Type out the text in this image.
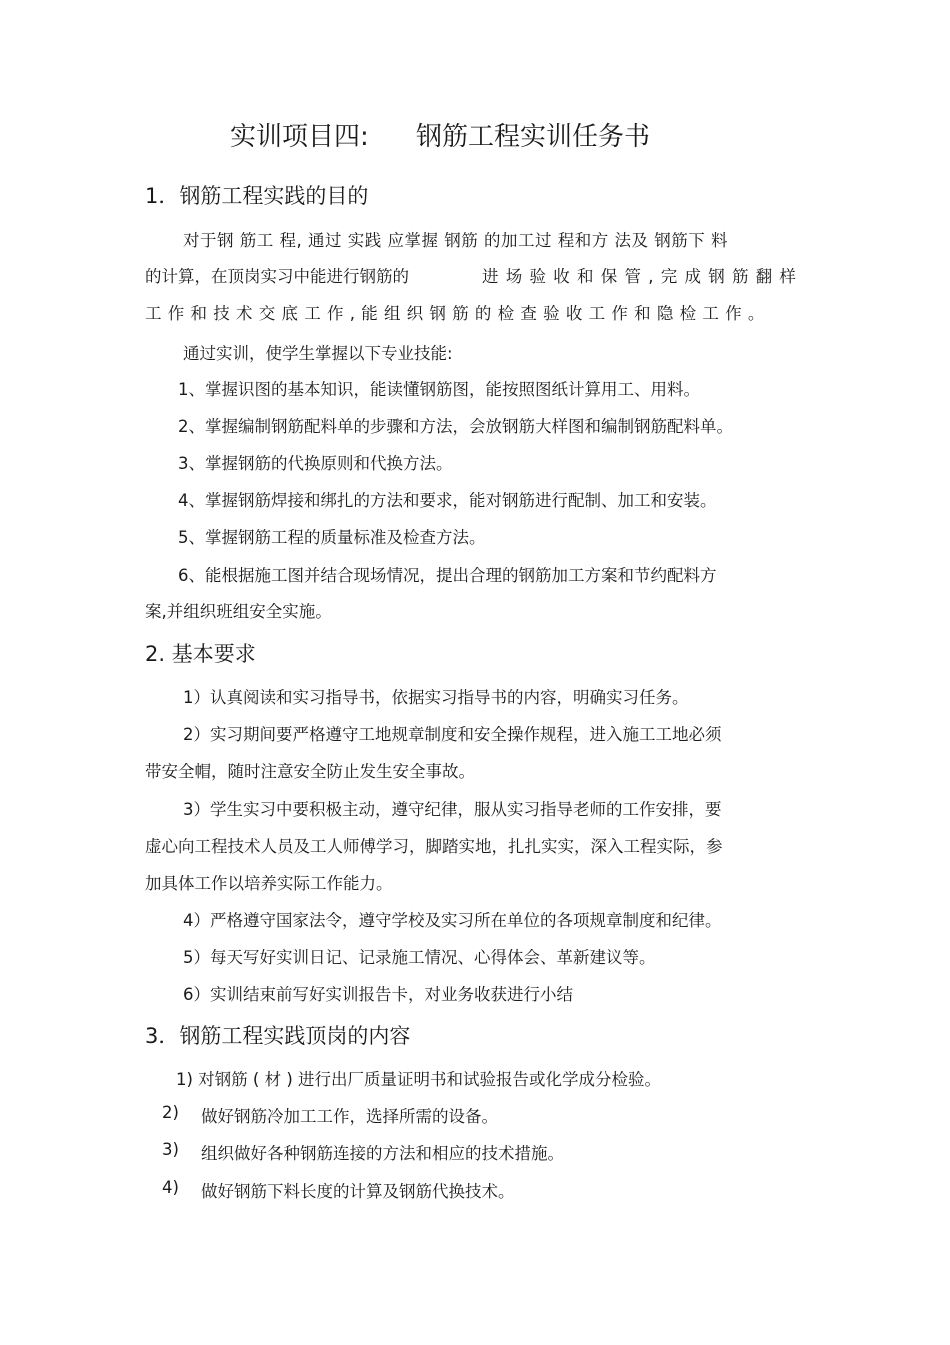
实训项目四: 钢筋工程实训任务书
1．钢筋工程实践的目的
对于钢 筋工 程, 通过 实践 应掌握 钢筋 的加工过 程和方 法及 钢筋下 料
的计算，在顶岗实习中能进行钢筋的	进 场 验 收 和 保 管 , 完 成 钢 筋 翻 样
工 作 和 技 术 交 底 工 作 , 能 组 织 钢 筋 的 检 查 验 收 工 作 和 隐 检 工 作 。
通过实训，使学生掌握以下专业技能:
1、掌握识图的基本知识，能读懂钢筋图，能按照图纸计算用工、用料。
2、掌握编制钢筋配料单的步骤和方法，会放钢筋大样图和编制钢筋配料单。
3、掌握钢筋的代换原则和代换方法。
4、掌握钢筋焊接和绑扎的方法和要求，能对钢筋进行配制、加工和安装。
5、掌握钢筋工程的质量标准及检查方法。
6、能根据施工图并结合现场情况，提出合理的钢筋加工方案和节约配料方
案,并组织班组安全实施。
2. 基本要求
1）认真阅读和实习指导书，依据实习指导书的内容，明确实习任务。
2）实习期间要严格遵守工地规章制度和安全操作规程，进入施工工地必须
带安全帽，随时注意安全防止发生安全事故。
3）学生实习中要积极主动，遵守纪律，服从实习指导老师的工作安排，要
虚心向工程技术人员及工人师傅学习，脚踏实地，扎扎实实，深入工程实际，参
加具体工作以培养实际工作能力。
4）严格遵守国家法令，遵守学校及实习所在单位的各项规章制度和纪律。
5）每天写好实训日记、记录施工情况、心得体会、革新建议等。
6）实训结束前写好实训报告卡，对业务收获进行小结
3．钢筋工程实践顶岗的内容
1) 对钢筋 ( 材 ) 进行出厂质量证明书和试验报告或化学成分检验。
2) 做好钢筋冷加工工作，选择所需的设备。
3) 组织做好各种钢筋连接的方法和相应的技术措施。
4) 做好钢筋下料长度的计算及钢筋代换技术。
